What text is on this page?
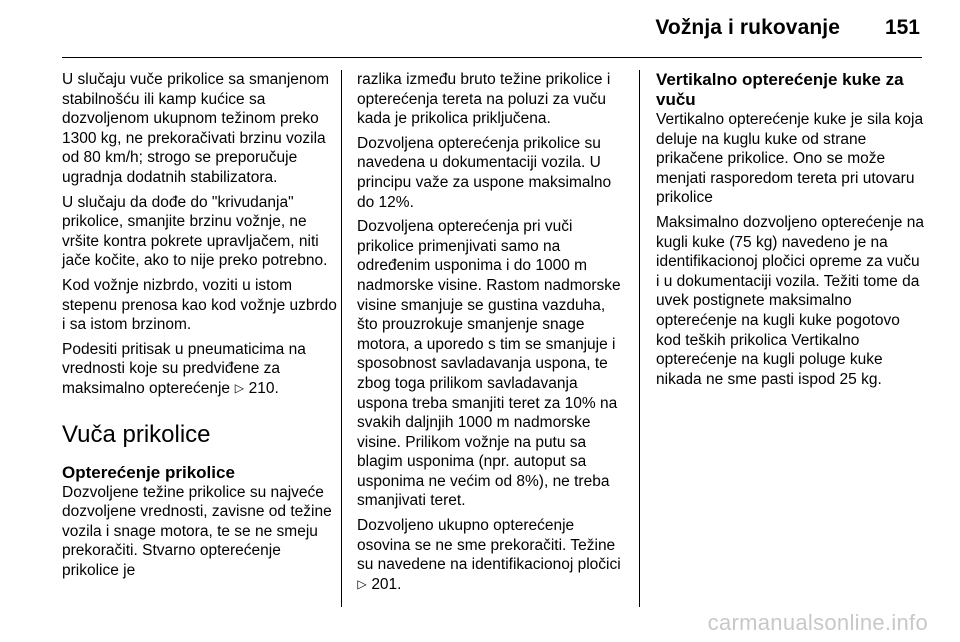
Vožnja i rukovanje 151

U slučaju vuče prikolice sa smanjenom stabilnošću ili kamp kućice sa dozvoljenom ukupnom težinom preko 1300 kg, ne prekoračivati brzinu vozila od 80 km/h; strogo se preporučuje ugradnja dodatnih stabilizatora.

U slučaju da dođe do "krivudanja" prikolice, smanjite brzinu vožnje, ne vršite kontra pokrete upravljačem, niti jače kočite, ako to nije preko potrebno.

Kod vožnje nizbrdo, voziti u istom stepenu prenosa kao kod vožnje uzbrdo i sa istom brzinom.

Podesiti pritisak u pneumaticima na vrednosti koje su predviđene za maksimalno opterećenje ▷ 210.

Vuča prikolice
Opterećenje prikolice

Dozvoljene težine prikolice su najveće dozvoljene vrednosti, zavisne od težine vozila i snage motora, te se ne smeju prekoračiti. Stvarno opterećenje prikolice je

razlika između bruto težine prikolice i opterećenja tereta na poluzi za vuču kada je prikolica priključena.

Dozvoljena opterećenja prikolice su navedena u dokumentaciji vozila. U principu važe za uspone maksimalno do 12%.

Dozvoljena opterećenja pri vuči prikolice primenjivati samo na određenim usponima i do 1000 m nadmorske visine. Rastom nadmorske visine smanjuje se gustina vazduha, što prouzrokuje smanjenje snage motora, a uporedo s tim se smanjuje i sposobnost savladavanja uspona, te zbog toga prilikom savladavanja uspona treba smanjiti teret za 10% na svakih daljnjih 1000 m nadmorske visine. Prilikom vožnje na putu sa blagim usponima (npr. autoput sa usponima ne većim od 8%), ne treba smanjivati teret.

Dozvoljeno ukupno opterećenje osovina se ne sme prekoračiti. Težine su navedene na identifikacionoj pločici ▷ 201.

Vertikalno opterećenje kuke za vuču

Vertikalno opterećenje kuke je sila koja deluje na kuglu kuke od strane prikačene prikolice. Ono se može menjati rasporedom tereta pri utovaru prikolice

Maksimalno dozvoljeno opterećenje na kugli kuke (75 kg) navedeno je na identifikacionoj pločici opreme za vuču i u dokumentaciji vozila. Težiti tome da uvek postignete maksimalno opterećenje na kugli kuke pogotovo kod teških prikolica Vertikalno opterećenje na kugli poluge kuke nikada ne sme pasti ispod 25 kg.

carmanualsonline.info
